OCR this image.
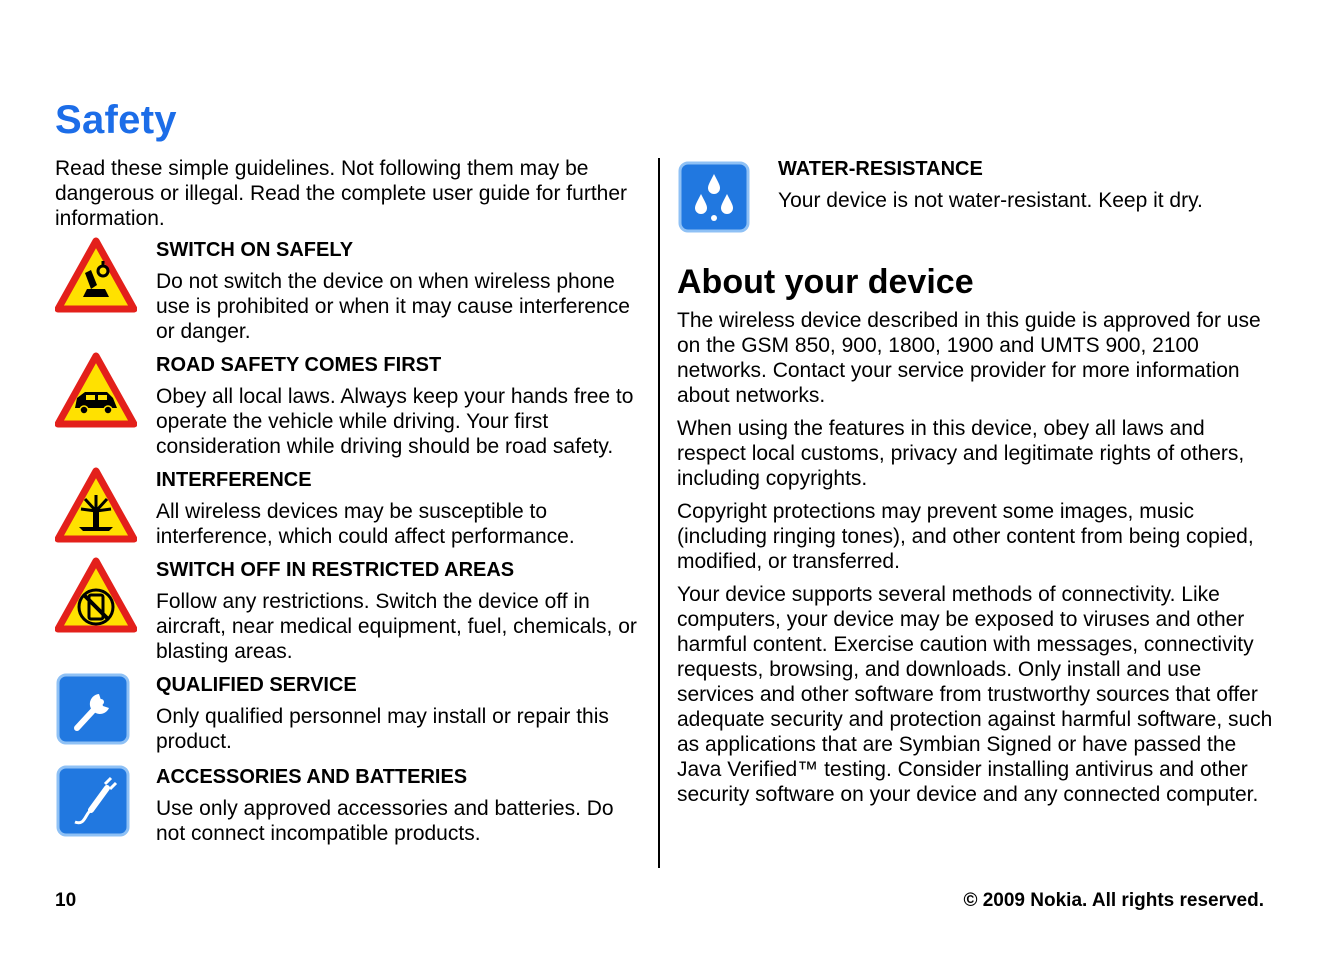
Safety

Read these simple guidelines. Not following them may be dangerous or illegal. Read the complete user guide for further information.

SWITCH ON SAFELY

Do not switch the device on when wireless phone use is prohibited or when it may cause interference or danger.

ROAD SAFETY COMES FIRST

Obey all local laws. Always keep your hands free to operate the vehicle while driving. Your first consideration while driving should be road safety.

INTERFERENCE

All wireless devices may be susceptible to interference, which could affect performance.

SWITCH OFF IN RESTRICTED AREAS

Follow any restrictions. Switch the device off in aircraft, near medical equipment, fuel, chemicals, or blasting areas.

QUALIFIED SERVICE

Only qualified personnel may install or repair this product.

ACCESSORIES AND BATTERIES

Use only approved accessories and batteries. Do not connect incompatible products.

WATER-RESISTANCE

Your device is not water-resistant. Keep it dry.

About your device

The wireless device described in this guide is approved for use on the GSM 850, 900, 1800, 1900 and UMTS 900, 2100 networks. Contact your service provider for more information about networks.

When using the features in this device, obey all laws and respect local customs, privacy and legitimate rights of others, including copyrights.

Copyright protections may prevent some images, music (including ringing tones), and other content from being copied, modified, or transferred.

Your device supports several methods of connectivity. Like computers, your device may be exposed to viruses and other harmful content. Exercise caution with messages, connectivity requests, browsing, and downloads. Only install and use services and other software from trustworthy sources that offer adequate security and protection against harmful software, such as applications that are Symbian Signed or have passed the Java Verified™ testing. Consider installing antivirus and other security software on your device and any connected computer.

10	© 2009 Nokia. All rights reserved.
